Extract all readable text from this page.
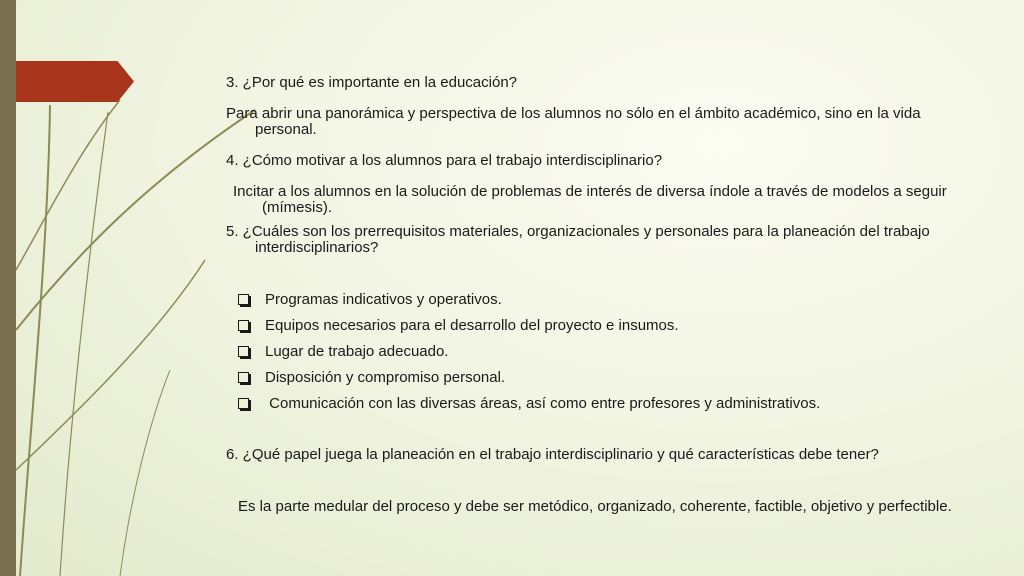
3. ¿Por qué es importante en la educación?

Para abrir una panorámica y perspectiva de los alumnos no sólo en el ámbito académico, sino en la vida personal.

4. ¿Cómo motivar a los alumnos para el trabajo interdisciplinario?

Incitar a los alumnos en la solución de problemas de interés de diversa índole a través de modelos a seguir (mímesis).

5. ¿Cuáles son los prerrequisitos materiales, organizacionales y personales para la planeación del trabajo interdisciplinarios?

Programas indicativos y operativos.

Equipos necesarios para el desarrollo del proyecto e insumos.

Lugar de trabajo adecuado.

Disposición y compromiso personal.

Comunicación con las diversas áreas, así como entre profesores y administrativos.

6. ¿Qué papel juega la planeación en el trabajo interdisciplinario y qué características debe tener?

Es la parte medular del proceso y debe ser metódico, organizado, coherente, factible, objetivo y perfectible.
